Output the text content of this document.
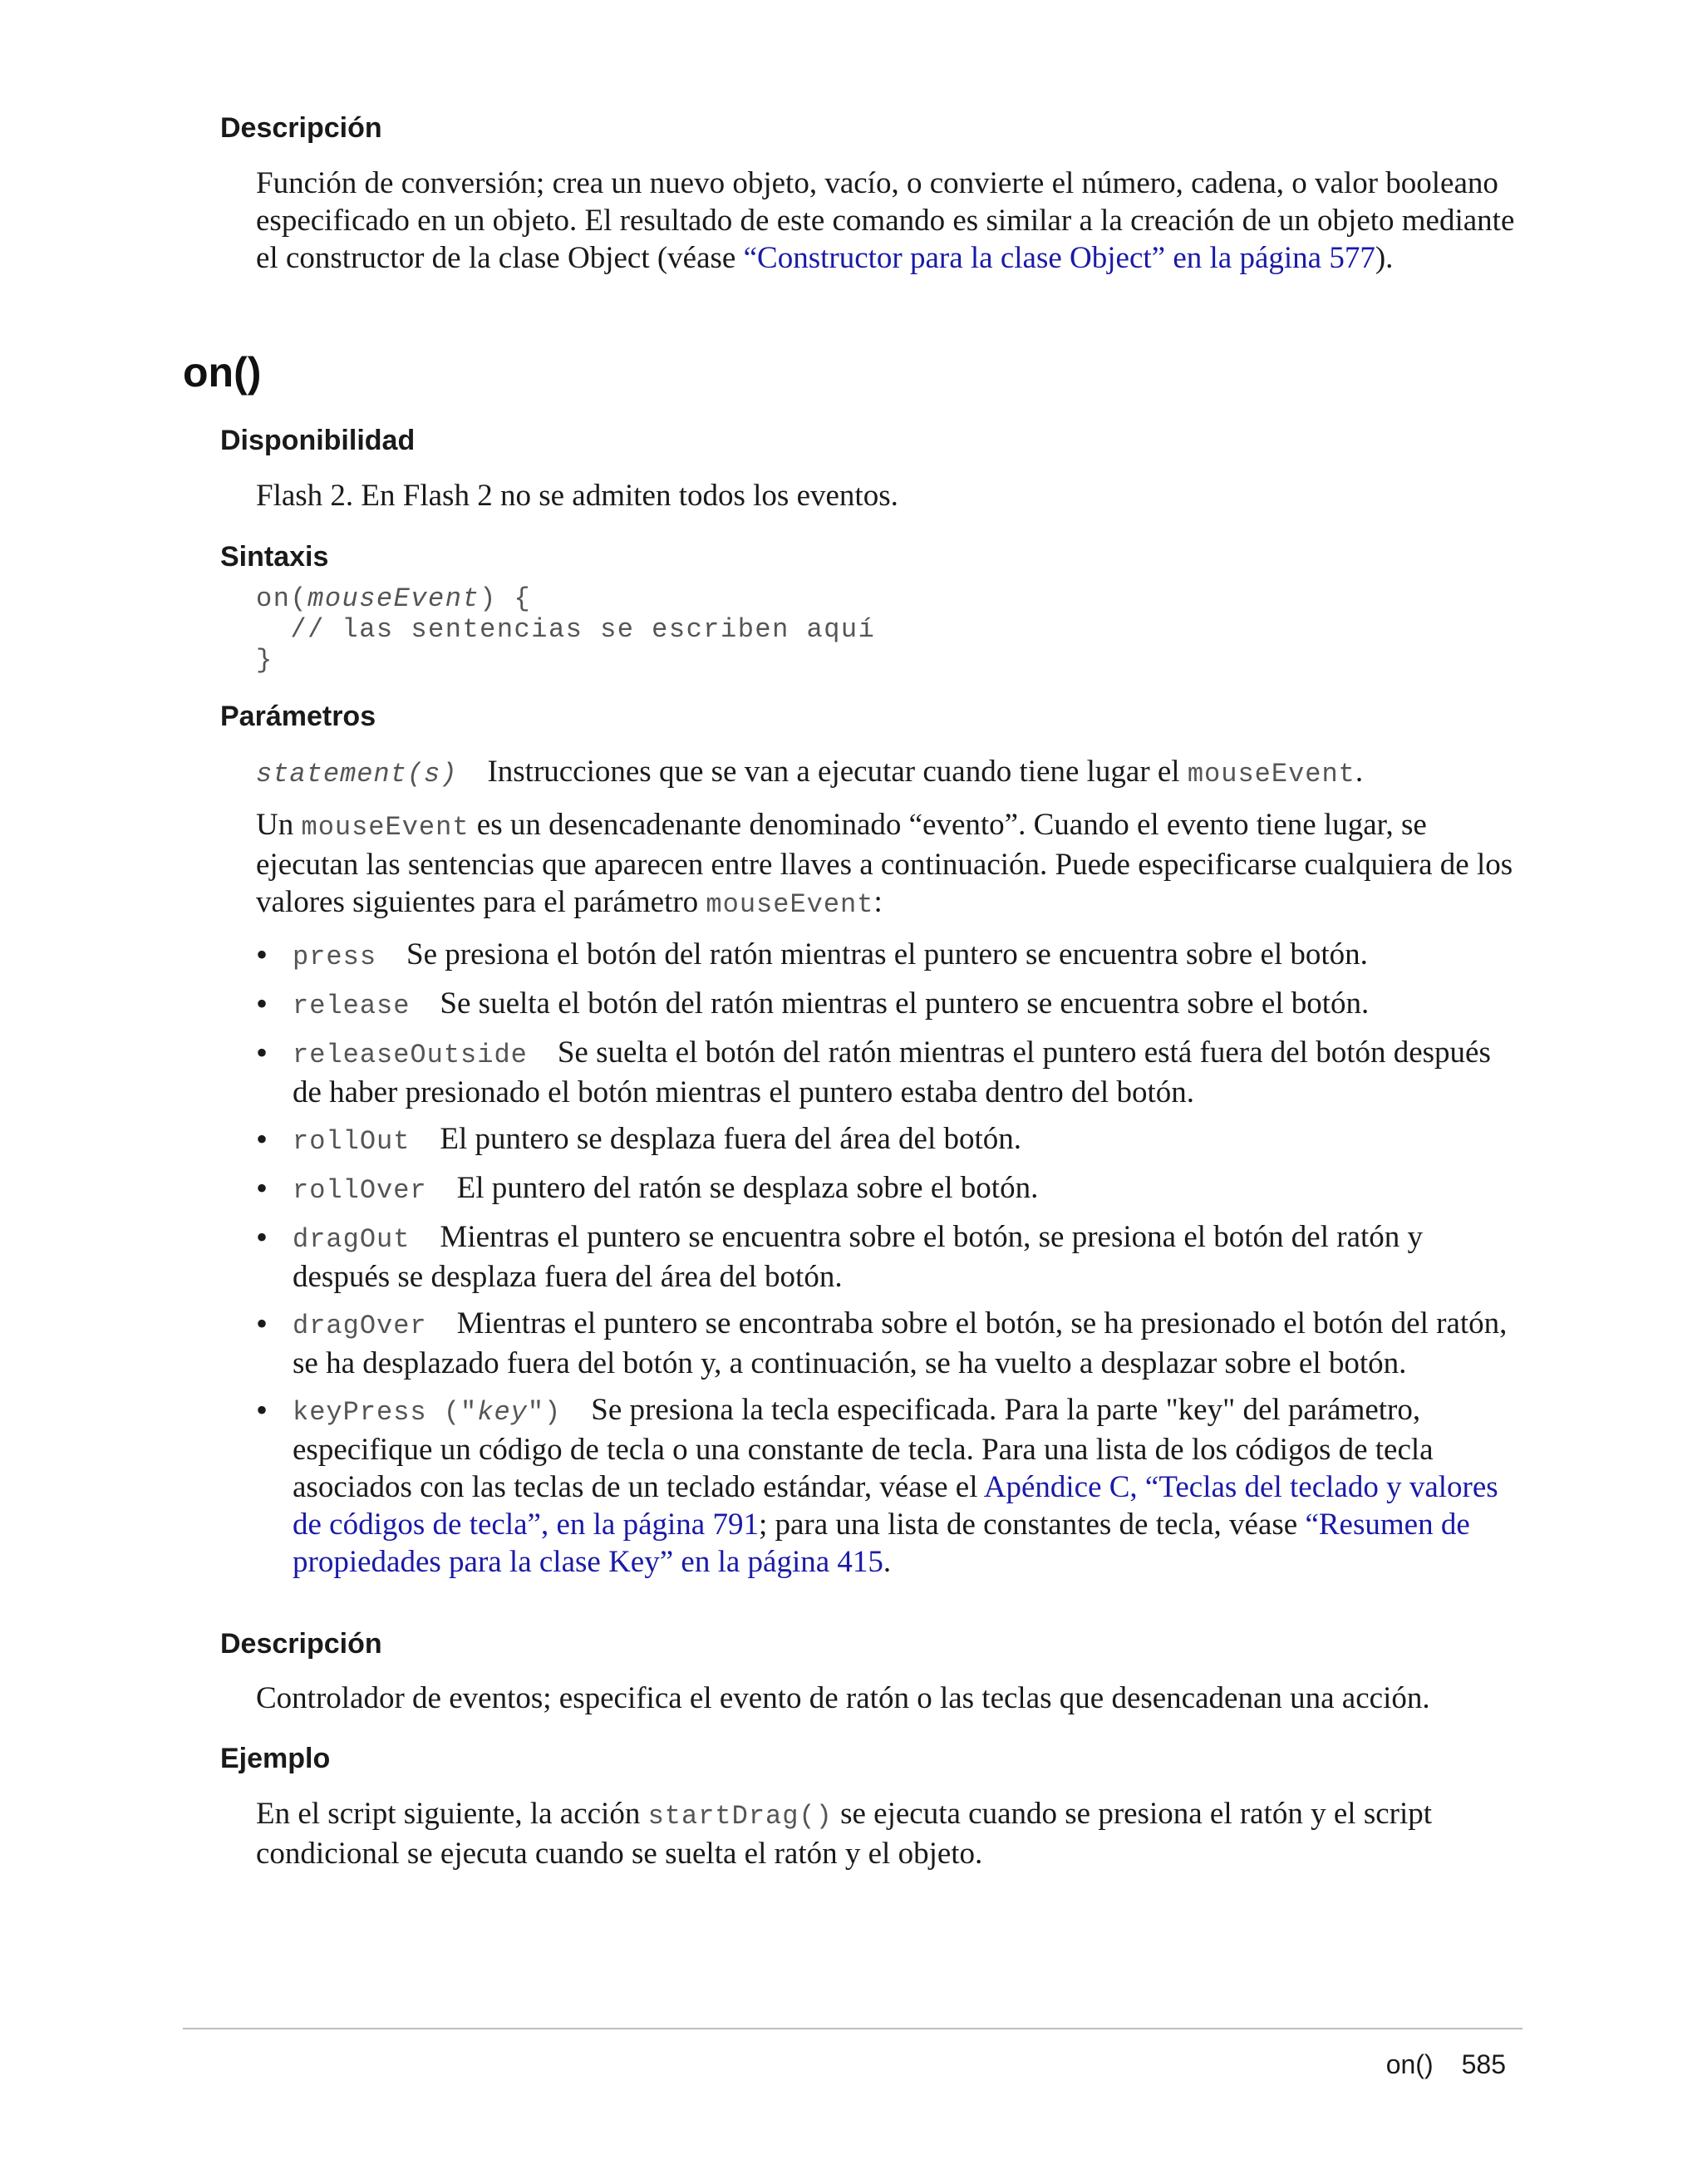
Descripción

Función de conversión; crea un nuevo objeto, vacío, o convierte el número, cadena, o valor booleano especificado en un objeto. El resultado de este comando es similar a la creación de un objeto mediante el constructor de la clase Object (véase “Constructor para la clase Object” en la página 577).

on()
Disponibilidad

Flash 2. En Flash 2 no se admiten todos los eventos.

Sintaxis
on(mouseEvent) {
// las sentencias se escriben aquí
}
Parámetros

statement(s) Instrucciones que se van a ejecutar cuando tiene lugar el mouseEvent.

Un mouseEvent es un desencadenante denominado “evento”. Cuando el evento tiene lugar, se ejecutan las sentencias que aparecen entre llaves a continuación. Puede especificarse cualquiera de los valores siguientes para el parámetro mouseEvent:

• press Se presiona el botón del ratón mientras el puntero se encuentra sobre el botón.
• release Se suelta el botón del ratón mientras el puntero se encuentra sobre el botón.
• releaseOutside Se suelta el botón del ratón mientras el puntero está fuera del botón después de haber presionado el botón mientras el puntero estaba dentro del botón.
• rollOut El puntero se desplaza fuera del área del botón.
• rollOver El puntero del ratón se desplaza sobre el botón.
• dragOut Mientras el puntero se encuentra sobre el botón, se presiona el botón del ratón y después se desplaza fuera del área del botón.
• dragOver Mientras el puntero se encontraba sobre el botón, se ha presionado el botón del ratón, se ha desplazado fuera del botón y, a continuación, se ha vuelto a desplazar sobre el botón.
• keyPress ("key") Se presiona la tecla especificada. Para la parte "key" del parámetro, especifique un código de tecla o una constante de tecla. Para una lista de los códigos de tecla asociados con las teclas de un teclado estándar, véase el Apéndice C, “Teclas del teclado y valores de códigos de tecla”, en la página 791; para una lista de constantes de tecla, véase “Resumen de propiedades para la clase Key” en la página 415.
Descripción

Controlador de eventos; especifica el evento de ratón o las teclas que desencadenan una acción.

Ejemplo

En el script siguiente, la acción startDrag() se ejecuta cuando se presiona el ratón y el script condicional se ejecuta cuando se suelta el ratón y el objeto.

on() 585
